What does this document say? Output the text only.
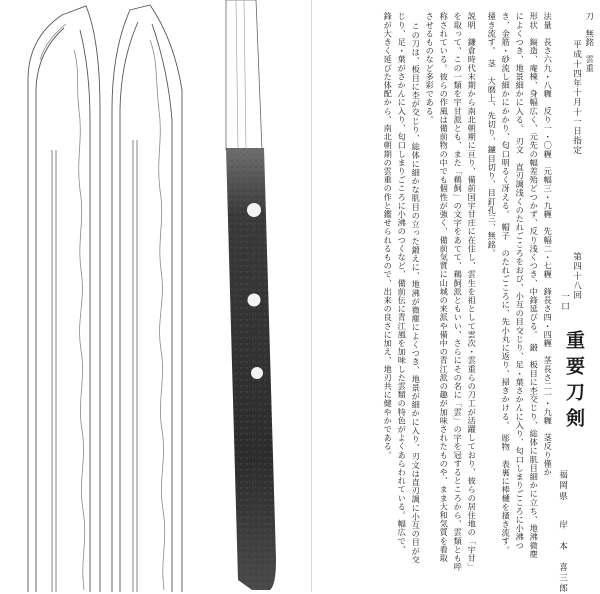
平成十四年十月十一日指定 刀　無銘　雲重
第四十八回
一口
重要刀剣
福岡県
岸　本　喜三郎
法量　長さ六九・八糎　反り一・〇糎　元幅三・九糎　先幅二・七糎　鋒長さ四・四糎　茎長さ二一・九糎　茎反り僅か
形状　鎬造、庵棟、身幅広く、元先の幅差殆どつかず、反り浅くつき、中鋒延びる。　鍛　板目に杢交じり、総体に肌目細かに立ち、地沸微塵
によくつき、地景細かに入る。　刃文　直刃調浅くのたれごころをおび、小互の目交じり、足・葉さかんに入り、匂口しまりごころに小沸つ
き、金筋・砂流し細かにかかり、匂口明るく冴える。　帽子　のたれごころに、先小丸に返り、掃きかける。　彫物　表裏に棒樋を掻き流す。
掻き流す。　茎　大磨上、先切り、鑢目切り、目釘孔三、無銘。
説明　鎌倉時代末期から南北朝期に亘り、備前国宇甘庄に在住し、雲生を祖として雲次・雲重らの刀工が活躍しており、彼らの居住地の「宇甘」
を取って、この一類を宇甘派とも、また「鵜飼」の文字をあてて、鵜飼派ともいい、さらにその名に「雲」の字を冠するところから、雲類とも呼
称されている。彼らの作風は備前物の中でも個性が強く、備前気質に山城の来派や備中の青江派の趣が加味されたものや、まま大和気質を看取
させるものなど多彩である。
この刀は、板目に杢が交じり、総体に細かな肌目の立った鍛えに、地沸が微塵によくつき、地景が細かに入り、刃文は直刃調に小互の目が交
じり、足・葉がさかんに入り、匂口しまりごころに小沸のつくなど、備前伝に青江風を加味した雲類の特色がよくあらわれている。幅広で、
鋒が大きく延びた体配から、南北朝期の雲重の作と鑑せられるもので、出来の良さに加え、地刃共に健やかである。
